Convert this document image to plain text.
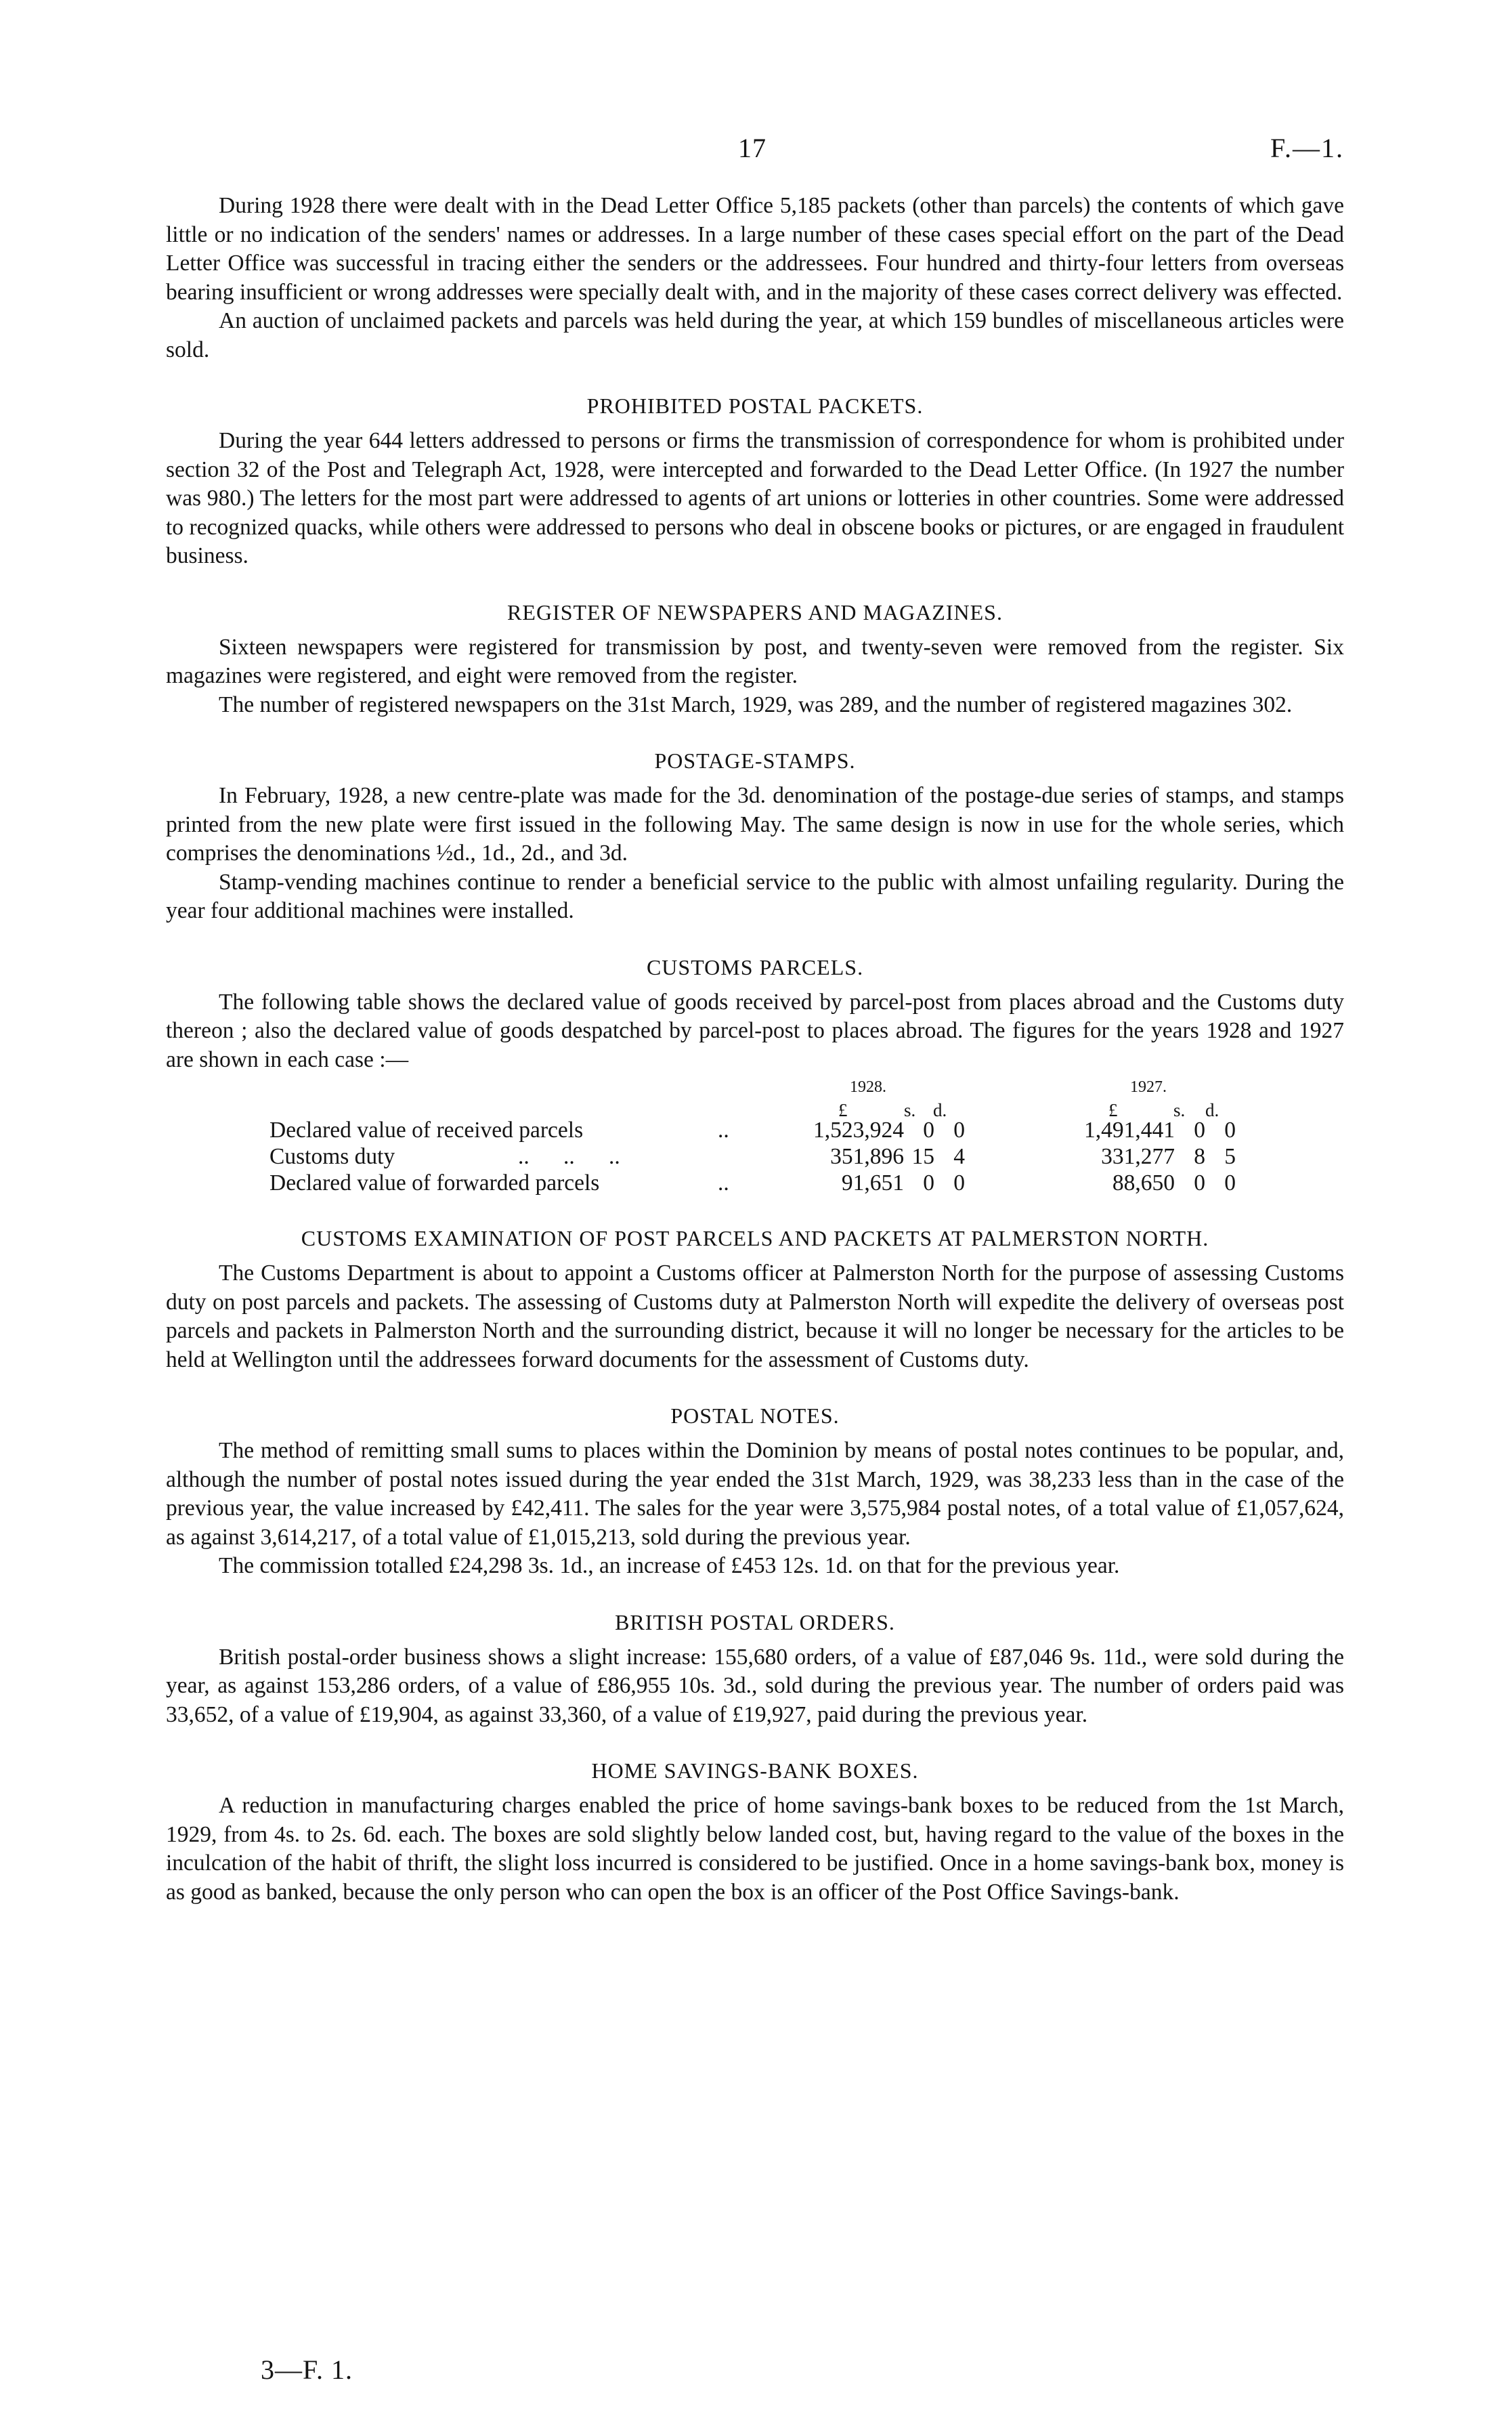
17	F.—1.

During 1928 there were dealt with in the Dead Letter Office 5,185 packets (other than parcels) the contents of which gave little or no indication of the senders' names or addresses. In a large number of these cases special effort on the part of the Dead Letter Office was successful in tracing either the senders or the addressees. Four hundred and thirty-four letters from overseas bearing insufficient or wrong addresses were specially dealt with, and in the majority of these cases correct delivery was effected.

An auction of unclaimed packets and parcels was held during the year, at which 159 bundles of miscellaneous articles were sold.

PROHIBITED POSTAL PACKETS.

During the year 644 letters addressed to persons or firms the transmission of correspondence for whom is prohibited under section 32 of the Post and Telegraph Act, 1928, were intercepted and forwarded to the Dead Letter Office. (In 1927 the number was 980.) The letters for the most part were addressed to agents of art unions or lotteries in other countries. Some were addressed to recognized quacks, while others were addressed to persons who deal in obscene books or pictures, or are engaged in fraudulent business.

REGISTER OF NEWSPAPERS AND MAGAZINES.

Sixteen newspapers were registered for transmission by post, and twenty-seven were removed from the register. Six magazines were registered, and eight were removed from the register.

The number of registered newspapers on the 31st March, 1929, was 289, and the number of registered magazines 302.

POSTAGE-STAMPS.

In February, 1928, a new centre-plate was made for the 3d. denomination of the postage-due series of stamps, and stamps printed from the new plate were first issued in the following May. The same design is now in use for the whole series, which comprises the denominations ½d., 1d., 2d., and 3d.

Stamp-vending machines continue to render a beneficial service to the public with almost unfailing regularity. During the year four additional machines were installed.

CUSTOMS PARCELS.

The following table shows the declared value of goods received by parcel-post from places abroad and the Customs duty thereon ; also the declared value of goods despatched by parcel-post to places abroad. The figures for the years 1928 and 1927 are shown in each case :—

1928.	1927.
£	s. d.	£	s. d.
Declared value of received parcels	..	1,523,924 0 0	1,491,441 0 0
Customs duty	..      ..      ..	351,896 15 4	331,277 8 5
Declared value of forwarded parcels	..	91,651 0 0	88,650 0 0
CUSTOMS EXAMINATION OF POST PARCELS AND PACKETS AT PALMERSTON NORTH.

The Customs Department is about to appoint a Customs officer at Palmerston North for the purpose of assessing Customs duty on post parcels and packets. The assessing of Customs duty at Palmerston North will expedite the delivery of overseas post parcels and packets in Palmerston North and the surrounding district, because it will no longer be necessary for the articles to be held at Wellington until the addressees forward documents for the assessment of Customs duty.

POSTAL NOTES.

The method of remitting small sums to places within the Dominion by means of postal notes continues to be popular, and, although the number of postal notes issued during the year ended the 31st March, 1929, was 38,233 less than in the case of the previous year, the value increased by £42,411. The sales for the year were 3,575,984 postal notes, of a total value of £1,057,624, as against 3,614,217, of a total value of £1,015,213, sold during the previous year.

The commission totalled £24,298 3s. 1d., an increase of £453 12s. 1d. on that for the previous year.

BRITISH POSTAL ORDERS.

British postal-order business shows a slight increase: 155,680 orders, of a value of £87,046 9s. 11d., were sold during the year, as against 153,286 orders, of a value of £86,955 10s. 3d., sold during the previous year. The number of orders paid was 33,652, of a value of £19,904, as against 33,360, of a value of £19,927, paid during the previous year.

HOME SAVINGS-BANK BOXES.

A reduction in manufacturing charges enabled the price of home savings-bank boxes to be reduced from the 1st March, 1929, from 4s. to 2s. 6d. each. The boxes are sold slightly below landed cost, but, having regard to the value of the boxes in the inculcation of the habit of thrift, the slight loss incurred is considered to be justified. Once in a home savings-bank box, money is as good as banked, because the only person who can open the box is an officer of the Post Office Savings-bank.

3—F. 1.
